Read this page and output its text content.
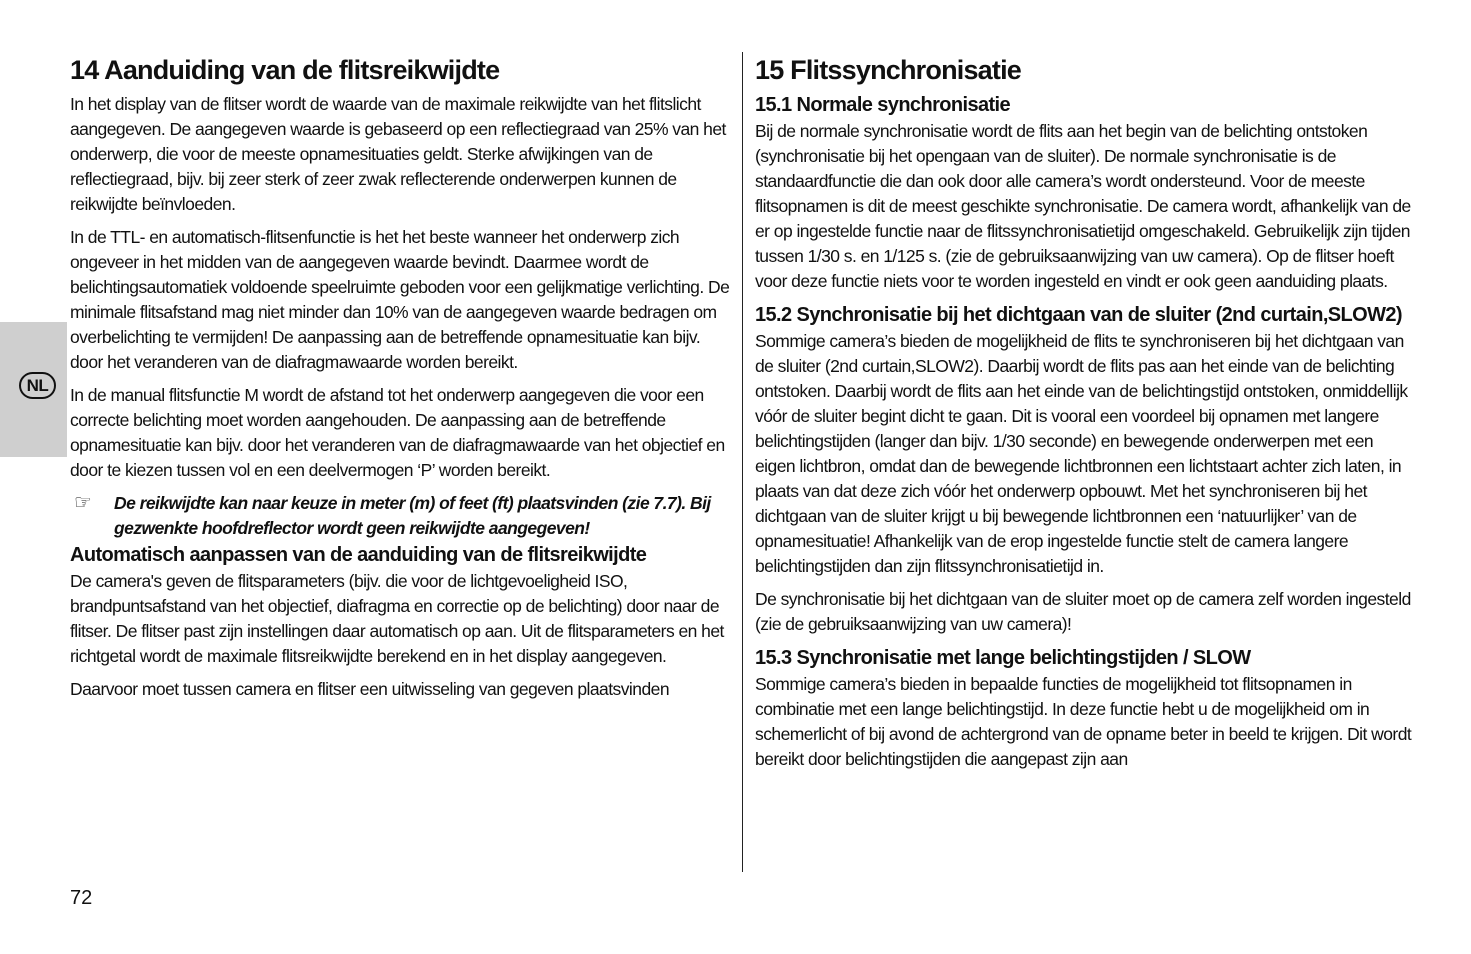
NL
14 Aanduiding van de flitsreikwijdte

In het display van de flitser wordt de waarde van de maximale reikwijdte van het flitslicht aangegeven. De aangegeven waarde is gebaseerd op een reflectiegraad van 25% van het onderwerp, die voor de meeste opnamesituaties geldt. Sterke afwijkingen van de reflectiegraad, bijv. bij zeer sterk of zeer zwak reflecterende onderwerpen kunnen de reikwijdte beïnvloeden.

In de TTL- en automatisch-flitsenfunctie is het het beste wanneer het onderwerp zich ongeveer in het midden van de aangegeven waarde bevindt. Daarmee wordt de belichtingsautomatiek voldoende speelruimte geboden voor een gelijkmatige verlichting. De minimale flitsafstand mag niet minder dan 10% van de aangegeven waarde bedragen om overbelichting te vermijden! De aanpassing aan de betreffende opnamesituatie kan bijv. door het veranderen van de diafragmawaarde worden bereikt.

In de manual flitsfunctie M wordt de afstand tot het onderwerp aangegeven die voor een correcte belichting moet worden aangehouden. De aanpassing aan de betreffende opnamesituatie kan bijv. door het veranderen van de diafragmawaarde van het objectief en door te kiezen tussen vol en een deelvermogen ‘P’ worden bereikt.

☞	De reikwijdte kan naar keuze in meter (m) of feet (ft) plaatsvinden (zie 7.7). Bij gezwenkte hoofdreflector wordt geen reikwijdte aangegeven!
Automatisch aanpassen van de aanduiding van de flitsreikwijdte

De camera's geven de flitsparameters (bijv. die voor de lichtgevoeligheid ISO, brandpuntsafstand van het objectief, diafragma en correctie op de belichting) door naar de flitser. De flitser past zijn instellingen daar automatisch op aan. Uit de flitsparameters en het richtgetal wordt de maximale flitsreikwijdte berekend en in het display aangegeven.

Daarvoor moet tussen camera en flitser een uitwisseling van gegeven plaatsvinden

15 Flitssynchronisatie
15.1 Normale synchronisatie

Bij de normale synchronisatie wordt de flits aan het begin van de belichting ontstoken (synchronisatie bij het opengaan van de sluiter). De normale synchronisatie is de standaardfunctie die dan ook door alle camera’s wordt ondersteund. Voor de meeste flitsopnamen is dit de meest geschikte synchronisatie. De camera wordt, afhankelijk van de er op ingestelde functie naar de flitssynchronisatietijd omgeschakeld. Gebruikelijk zijn tijden tussen 1/30 s. en 1/125 s. (zie de gebruiksaanwijzing van uw camera). Op de flitser hoeft voor deze functie niets voor te worden ingesteld en vindt er ook geen aanduiding plaats.

15.2 Synchronisatie bij het dichtgaan van de sluiter (2nd curtain,SLOW2)

Sommige camera’s bieden de mogelijkheid de flits te synchroniseren bij het dichtgaan van de sluiter (2nd curtain,SLOW2). Daarbij wordt de flits pas aan het einde van de belichting ontstoken. Daarbij wordt de flits aan het einde van de belichtingstijd ontstoken, onmiddellijk vóór de sluiter begint dicht te gaan. Dit is vooral een voordeel bij opnamen met langere belichtingstijden (langer dan bijv. 1/30 seconde) en bewegende onderwerpen met een eigen lichtbron, omdat dan de bewegende lichtbronnen een lichtstaart achter zich laten, in plaats van dat deze zich vóór het onderwerp opbouwt. Met het synchroniseren bij het dichtgaan van de sluiter krijgt u bij bewegende lichtbronnen een ‘natuurlijker’ van de opnamesituatie! Afhankelijk van de erop ingestelde functie stelt de camera langere belichtingstijden dan zijn flitssynchronisatietijd in.

De synchronisatie bij het dichtgaan van de sluiter moet op de camera zelf worden ingesteld (zie de gebruiksaanwijzing van uw camera)!

15.3 Synchronisatie met lange belichtingstijden / SLOW

Sommige camera’s bieden in bepaalde functies de mogelijkheid tot flitsopnamen in combinatie met een lange belichtingstijd. In deze functie hebt u de mogelijkheid om in schemerlicht of bij avond de achtergrond van de opname beter in beeld te krijgen. Dit wordt bereikt door belichtingstijden die aangepast zijn aan

72
